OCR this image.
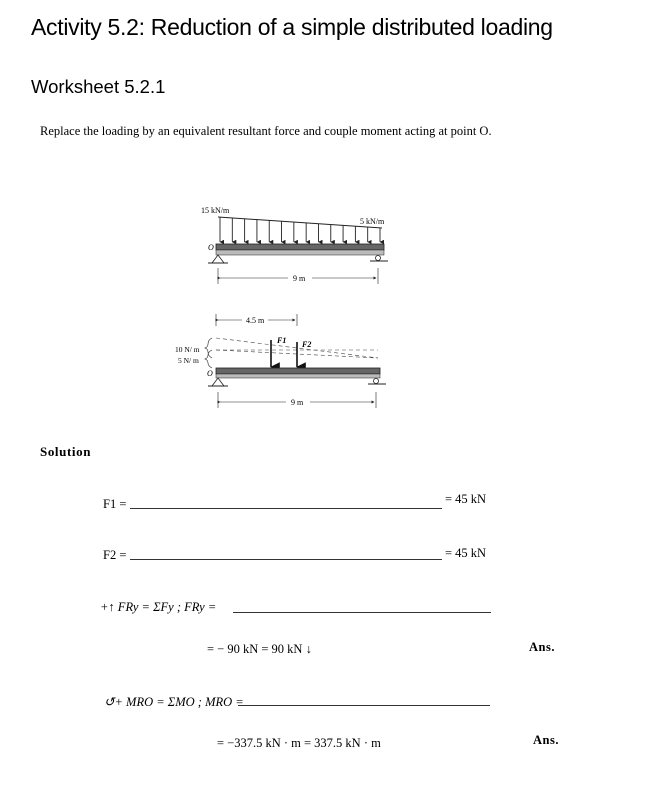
Activity 5.2: Reduction of a simple distributed loading
Worksheet 5.2.1
Replace the loading by an equivalent resultant force and couple moment acting at point O.
15 kN/m
5 kN/m
O
9 m
4.5 m
10 N/ m
5 N/ m
F1 F2
O
9 m
Solution
F1 =	= 45 kN
F2 =	= 45 kN
+↑ FRy = ΣFy ; FRy =
= − 90 kN = 90 kN ↓	Ans.
↺+ MRO = ΣMO ; MRO =
= −337.5 kN · m = 337.5 kN · m	Ans.
